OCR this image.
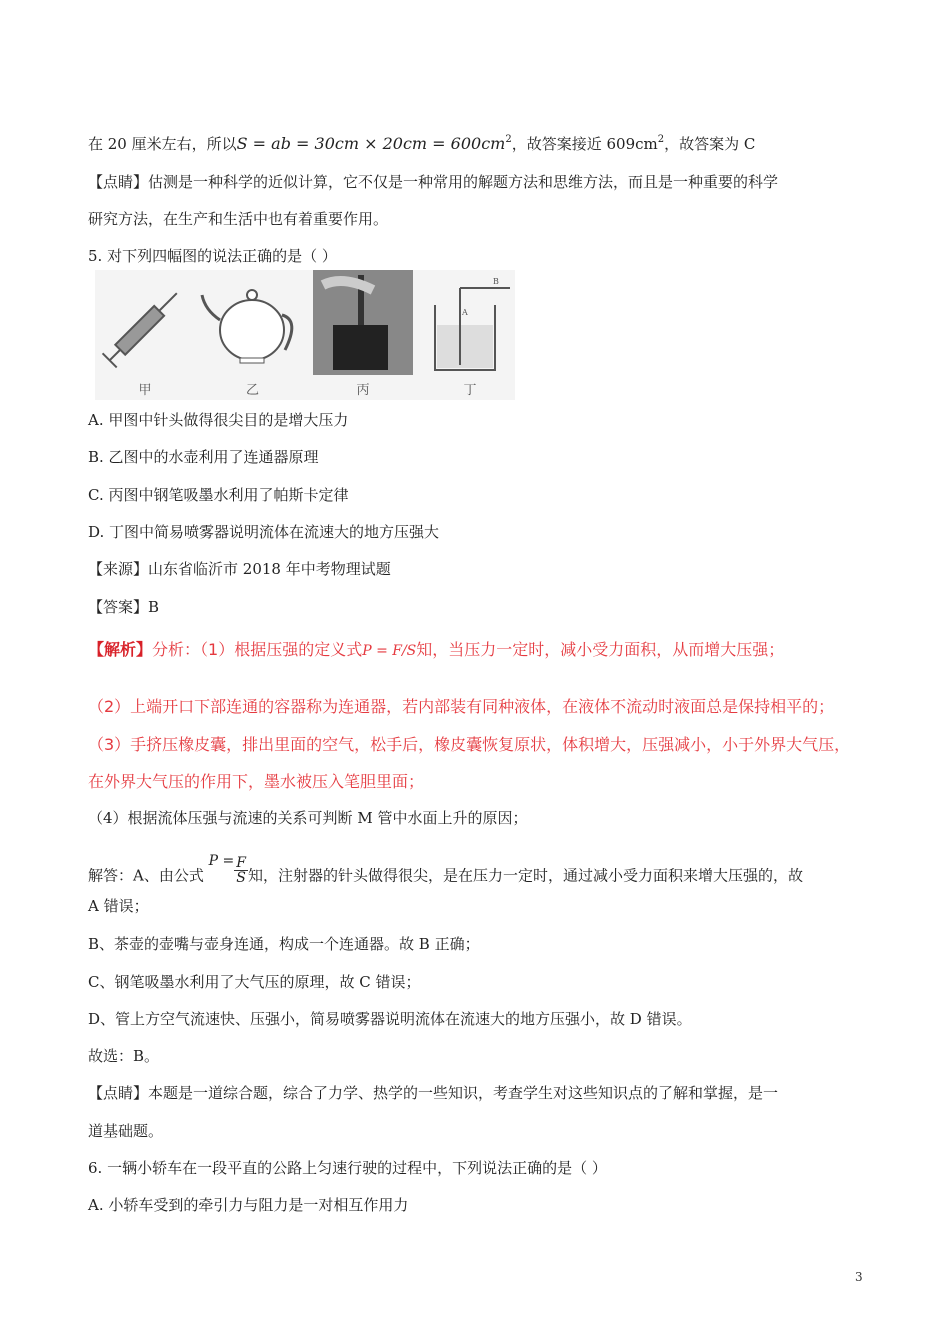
在 20 厘米左右，所以S = ab = $30cm \times 20cm = 600cm^2$，故答案接近 $609cm^2$，故答案为 C
【点睛】估测是一种科学的近似计算，它不仅是一种常用的解题方法和思维方法，而且是一种重要的科学
研究方法，在生产和生活中也有着重要作用。
5. 对下列四幅图的说法正确的是（ ）
甲	乙	丙
A
B
丁
A. 甲图中针头做得很尖目的是增大压力
B. 乙图中的水壶利用了连通器原理
C. 丙图中钢笔吸墨水利用了帕斯卡定律
D. 丁图中简易喷雾器说明流体在流速大的地方压强大
【来源】山东省临沂市 2018 年中考物理试题
【答案】B
【解析】分析：（1）根据压强的定义式P = F/S知，当压力一定时，减小受力面积，从而增大压强；
（2）上端开口下部连通的容器称为连通器，若内部装有同种液体，在液体不流动时液面总是保持相平的；
（3）手挤压橡皮囊，排出里面的空气，松手后，橡皮囊恢复原状，体积增大，压强减小，小于外界大气压，
在外界大气压的作用下，墨水被压入笔胆里面；
（4）根据流体压强与流速的关系可判断 M 管中水面上升的原因；
解答：A、由公式 $P = \frac{F}{S}$知，注射器的针头做得很尖，是在压力一定时，通过减小受力面积来增大压强的，故
A 错误；
B、茶壶的壶嘴与壶身连通，构成一个连通器。故 B 正确；
C、钢笔吸墨水利用了大气压的原理，故 C 错误；
D、管上方空气流速快、压强小，简易喷雾器说明流体在流速大的地方压强小，故 D 错误。
故选：B。
【点睛】本题是一道综合题，综合了力学、热学的一些知识，考查学生对这些知识点的了解和掌握，是一
道基础题。
6. 一辆小轿车在一段平直的公路上匀速行驶的过程中，下列说法正确的是（ ）
A. 小轿车受到的牵引力与阻力是一对相互作用力
3
